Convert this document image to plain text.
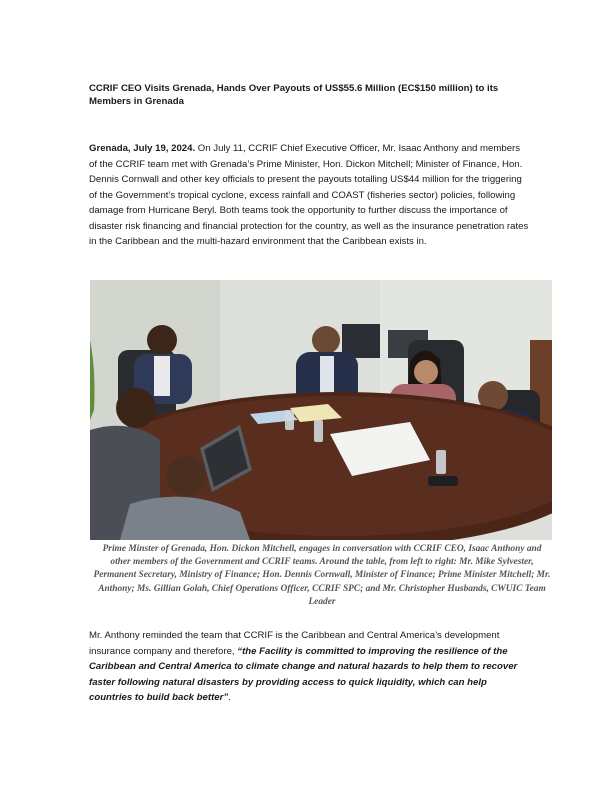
CCRIF CEO Visits Grenada, Hands Over Payouts of US$55.6 Million (EC$150 million) to its Members in Grenada
Grenada, July 19, 2024. On July 11, CCRIF Chief Executive Officer, Mr. Isaac Anthony and members of the CCRIF team met with Grenada’s Prime Minister, Hon. Dickon Mitchell; Minister of Finance, Hon. Dennis Cornwall and other key officials to present the payouts totalling US$44 million for the triggering of the Government’s tropical cyclone, excess rainfall and COAST (fisheries sector) policies, following damage from Hurricane Beryl. Both teams took the opportunity to further discuss the importance of disaster risk financing and financial protection for the country, as well as the insurance penetration rates in the Caribbean and the multi-hazard environment that the Caribbean exists in.
Prime Minster of Grenada, Hon. Dickon Mitchell, engages in conversation with CCRIF CEO, Isaac Anthony and other members of the Government and CCRIF teams. Around the table, from left to right: Mr. Mike Sylvester, Permanent Secretary, Ministry of Finance; Hon. Dennis Cornwall, Minister of Finance; Prime Minister Mitchell; Mr. Anthony; Ms. Gillian Golah, Chief Operations Officer, CCRIF SPC; and Mr. Christopher Husbands, CWUIC Team Leader
Mr. Anthony reminded the team that CCRIF is the Caribbean and Central America’s development insurance company and therefore, “the Facility is committed to improving the resilience of the Caribbean and Central America to climate change and natural hazards to help them to recover faster following natural disasters by providing access to quick liquidity, which can help countries to build back better”.
